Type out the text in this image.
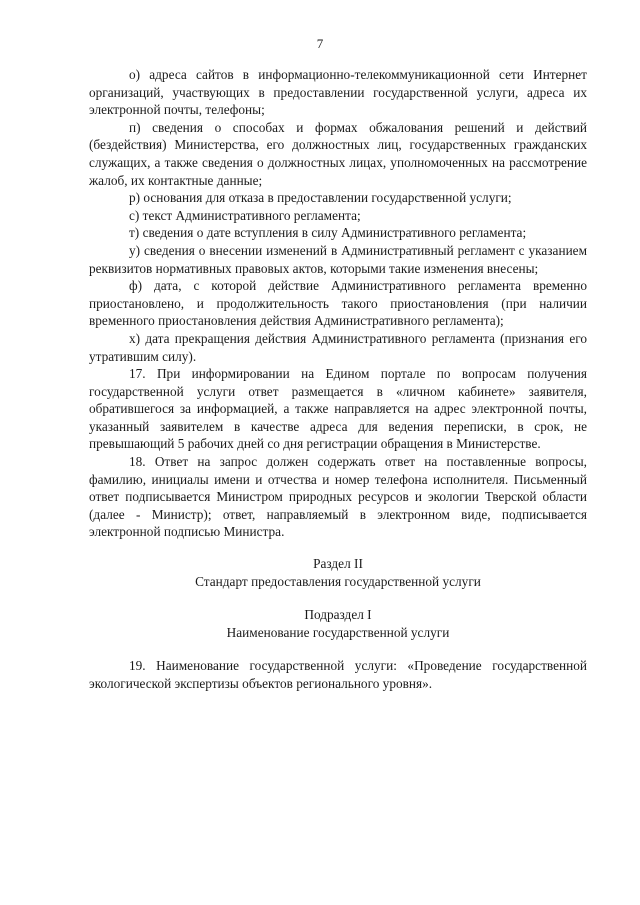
7

о) адреса сайтов в информационно-телекоммуникационной сети Интернет организаций, участвующих в предоставлении государственной услуги, адреса их электронной почты, телефоны;

п) сведения о способах и формах обжалования решений и действий (бездействия) Министерства, его должностных лиц, государственных гражданских служащих, а также сведения о должностных лицах, уполномоченных на рассмотрение жалоб, их контактные данные;

р) основания для отказа в предоставлении государственной услуги;

с) текст Административного регламента;

т) сведения о дате вступления в силу Административного регламента;

у) сведения о внесении изменений в Административный регламент с указанием реквизитов нормативных правовых актов, которыми такие изменения внесены;

ф) дата, с которой действие Административного регламента временно приостановлено, и продолжительность такого приостановления (при наличии временного приостановления действия Административного регламента);

х) дата прекращения действия Административного регламента (признания его утратившим силу).

17. При информировании на Едином портале по вопросам получения государственной услуги ответ размещается в «личном кабинете» заявителя, обратившегося за информацией, а также направляется на адрес электронной почты, указанный заявителем в качестве адреса для ведения переписки, в срок, не превышающий 5 рабочих дней со дня регистрации обращения в Министерстве.

18. Ответ на запрос должен содержать ответ на поставленные вопросы, фамилию, инициалы имени и отчества и номер телефона исполнителя. Письменный ответ подписывается Министром природных ресурсов и экологии Тверской области (далее - Министр); ответ, направляемый в электронном виде, подписывается электронной подписью Министра.

Раздел II
Стандарт предоставления государственной услуги
Подраздел I
Наименование государственной услуги

19. Наименование государственной услуги: «Проведение государственной экологической экспертизы объектов регионального уровня».
